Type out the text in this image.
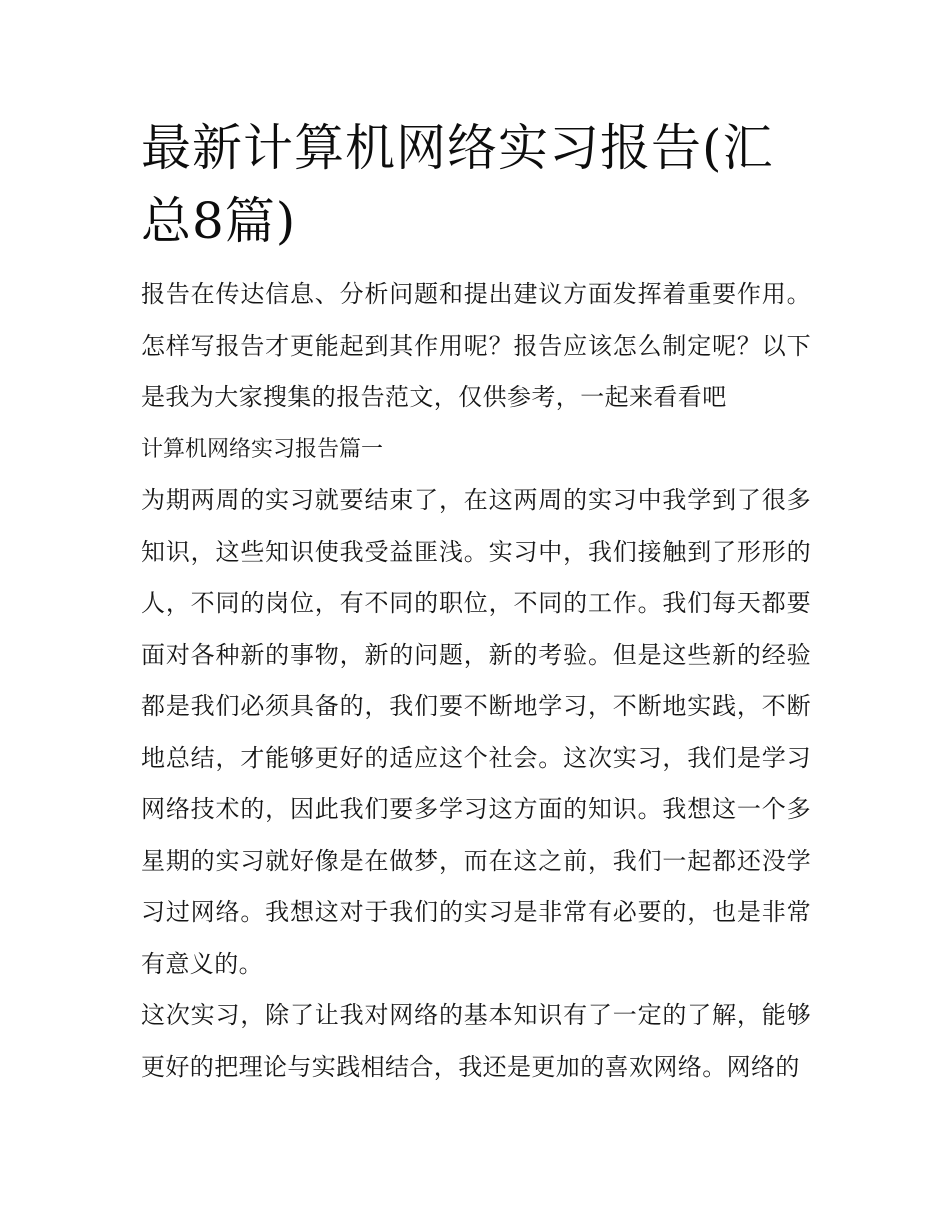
最新计算机网络实习报告(汇总8篇)

报告在传达信息、分析问题和提出建议方面发挥着重要作用。怎样写报告才更能起到其作用呢？报告应该怎么制定呢？以下是我为大家搜集的报告范文，仅供参考，一起来看看吧

计算机网络实习报告篇一

为期两周的实习就要结束了，在这两周的实习中我学到了很多知识，这些知识使我受益匪浅。实习中，我们接触到了形形的人，不同的岗位，有不同的职位，不同的工作。我们每天都要面对各种新的事物，新的问题，新的考验。但是这些新的经验都是我们必须具备的，我们要不断地学习，不断地实践，不断地总结，才能够更好的适应这个社会。这次实习，我们是学习网络技术的，因此我们要多学习这方面的知识。我想这一个多星期的实习就好像是在做梦，而在这之前，我们一起都还没学习过网络。我想这对于我们的实习是非常有必要的，也是非常有意义的。

这次实习，除了让我对网络的基本知识有了一定的了解，能够更好的把理论与实践相结合，我还是更加的喜欢网络。网络的
